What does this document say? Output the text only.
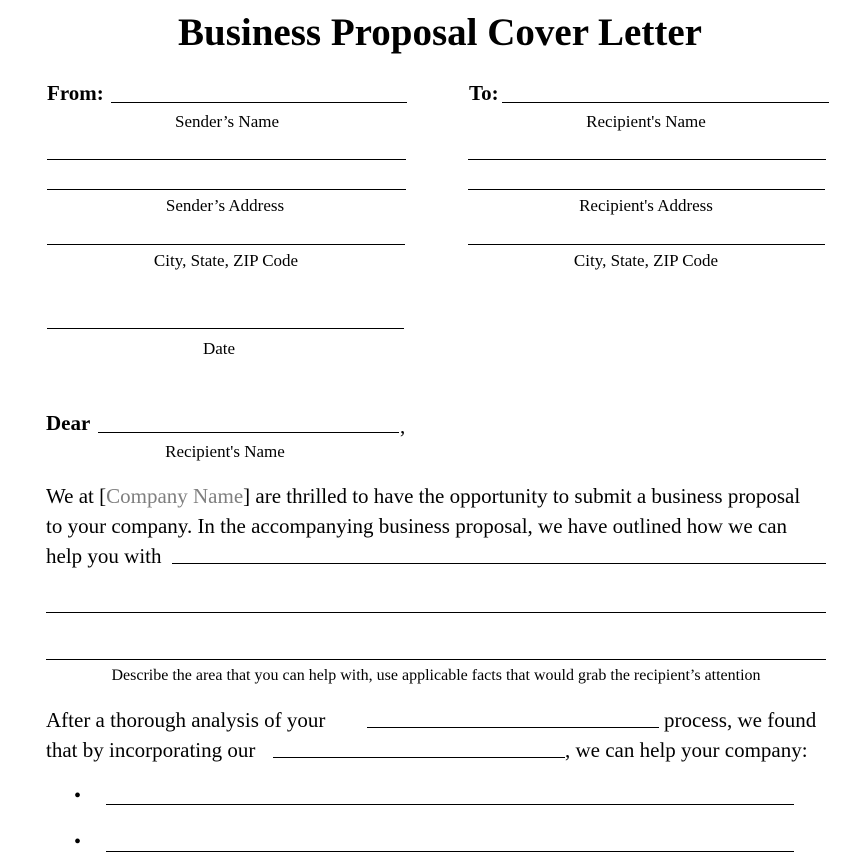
Business Proposal Cover Letter
From:
Sender’s Name
Sender’s Address
City, State, ZIP Code
Date
To:
Recipient's Name
Recipient's Address
City, State, ZIP Code
Dear	,
Recipient's Name
We at [Company Name] are thrilled to have the opportunity to submit a business proposal
to your company. In the accompanying business proposal, we have outlined how we can
help you with
Describe the area that you can help with, use applicable facts that would grab the recipient’s attention
After a thorough analysis of your	process, we found
that by incorporating our	, we can help your company:
•
•
